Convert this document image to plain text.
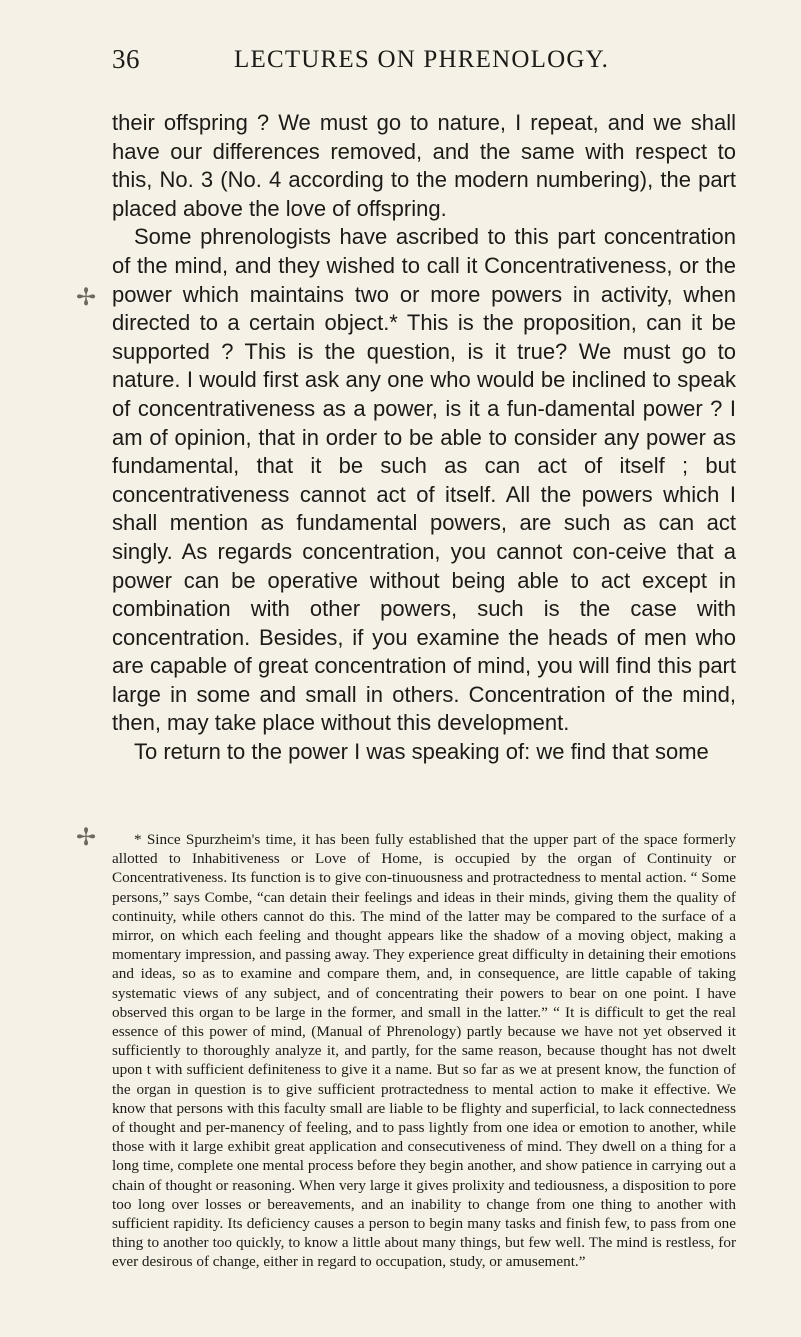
36	LECTURES ON PHRENOLOGY.
✢
✢

their offspring ? We must go to nature, I repeat, and we shall have our differences removed, and the same with respect to this, No. 3 (No. 4 according to the modern numbering), the part placed above the love of offspring.

Some phrenologists have ascribed to this part concentration of the mind, and they wished to call it Concentrativeness, or the power which maintains two or more powers in activity, when directed to a certain object.* This is the proposition, can it be supported ? This is the question, is it true? We must go to nature. I would first ask any one who would be inclined to speak of concentrativeness as a power, is it a fun-damental power ? I am of opinion, that in order to be able to consider any power as fundamental, that it be such as can act of itself ; but concentrativeness cannot act of itself. All the powers which I shall mention as fundamental powers, are such as can act singly. As regards concentration, you cannot con-ceive that a power can be operative without being able to act except in combination with other powers, such is the case with concentration. Besides, if you examine the heads of men who are capable of great concentration of mind, you will find this part large in some and small in others. Concentration of the mind, then, may take place without this development.

To return to the power I was speaking of: we find that some

* Since Spurzheim's time, it has been fully established that the upper part of the space formerly allotted to Inhabitiveness or Love of Home, is occupied by the organ of Continuity or Concentrativeness. Its function is to give con-tinuousness and protractedness to mental action. “ Some persons,” says Combe, “can detain their feelings and ideas in their minds, giving them the quality of continuity, while others cannot do this. The mind of the latter may be compared to the surface of a mirror, on which each feeling and thought appears like the shadow of a moving object, making a momentary impression, and passing away. They experience great difficulty in detaining their emotions and ideas, so as to examine and compare them, and, in consequence, are little capable of taking systematic views of any subject, and of concentrating their powers to bear on one point. I have observed this organ to be large in the former, and small in the latter.” “ It is difficult to get the real essence of this power of mind, (Manual of Phrenology) partly because we have not yet observed it sufficiently to thoroughly analyze it, and partly, for the same reason, because thought has not dwelt upon t with sufficient definiteness to give it a name. But so far as we at present know, the function of the organ in question is to give sufficient protractedness to mental action to make it effective. We know that persons with this faculty small are liable to be flighty and superficial, to lack connectedness of thought and per-manency of feeling, and to pass lightly from one idea or emotion to another, while those with it large exhibit great application and consecutiveness of mind. They dwell on a thing for a long time, complete one mental process before they begin another, and show patience in carrying out a chain of thought or reasoning. When very large it gives prolixity and tediousness, a disposition to pore too long over losses or bereavements, and an inability to change from one thing to another with sufficient rapidity. Its deficiency causes a person to begin many tasks and finish few, to pass from one thing to another too quickly, to know a little about many things, but few well. The mind is restless, for ever desirous of change, either in regard to occupation, study, or amusement.”
